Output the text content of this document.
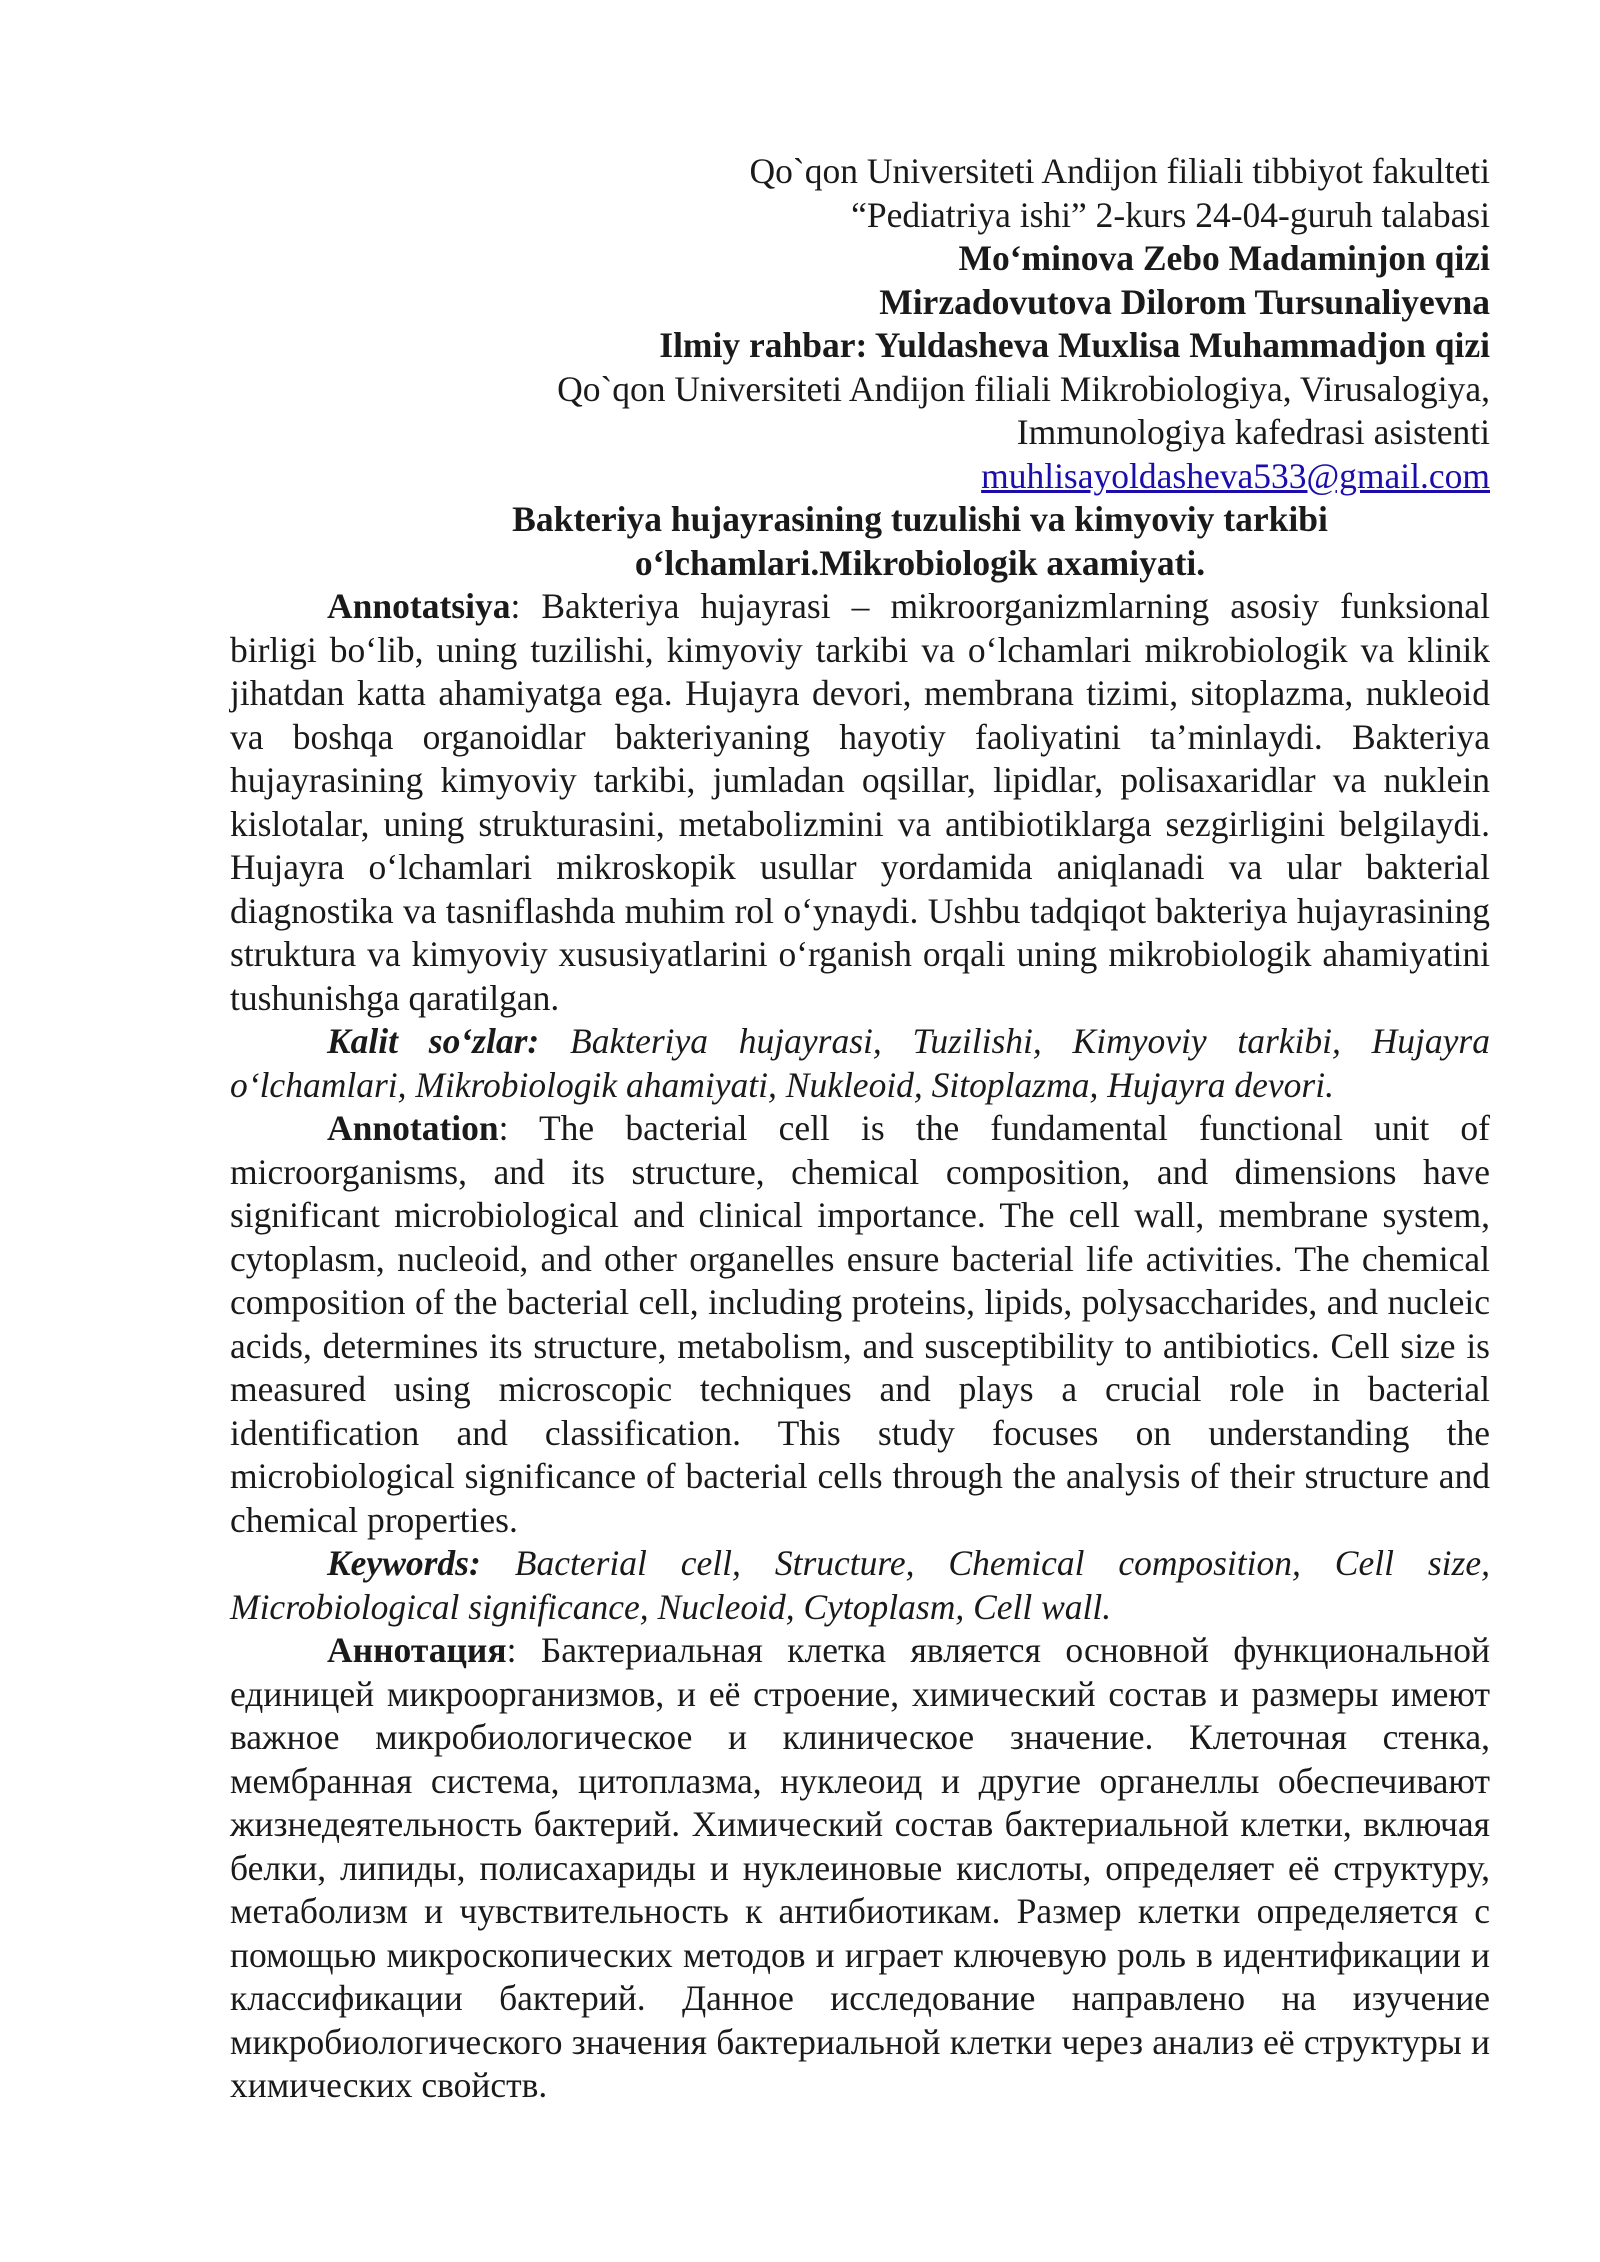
Qo`qon Universiteti Andijon filiali tibbiyot fakulteti
“Pediatriya ishi” 2-kurs 24-04-guruh talabasi
Mo‘minova Zebo Madaminjon qizi
Mirzadovutova Dilorom Tursunaliyevna
Ilmiy rahbar: Yuldasheva Muxlisa Muhammadjon qizi
Qo`qon Universiteti Andijon filiali Mikrobiologiya, Virusalogiya, Immunologiya kafedrasi asistenti
muhlisayoldasheva533@gmail.com
Bakteriya hujayrasining tuzulishi va kimyoviy tarkibi o‘lchamlari.Mikrobiologik axamiyati.

Annotatsiya: Bakteriya hujayrasi – mikroorganizmlarning asosiy funksional birligi bo‘lib, uning tuzilishi, kimyoviy tarkibi va o‘lchamlari mikrobiologik va klinik jihatdan katta ahamiyatga ega. Hujayra devori, membrana tizimi, sitoplazma, nukleoid va boshqa organoidlar bakteriyaning hayotiy faoliyatini ta’minlaydi. Bakteriya hujayrasining kimyoviy tarkibi, jumladan oqsillar, lipidlar, polisaxaridlar va nuklein kislotalar, uning strukturasini, metabolizmini va antibiotiklarga sezgirligini belgilaydi. Hujayra o‘lchamlari mikroskopik usullar yordamida aniqlanadi va ular bakterial diagnostika va tasniflashda muhim rol o‘ynaydi. Ushbu tadqiqot bakteriya hujayrasining struktura va kimyoviy xususiyatlarini o‘rganish orqali uning mikrobiologik ahamiyatini tushunishga qaratilgan.

Kalit so‘zlar: Bakteriya hujayrasi, Tuzilishi, Kimyoviy tarkibi, Hujayra o‘lchamlari, Mikrobiologik ahamiyati, Nukleoid, Sitoplazma, Hujayra devori.

Annotation: The bacterial cell is the fundamental functional unit of microorganisms, and its structure, chemical composition, and dimensions have significant microbiological and clinical importance. The cell wall, membrane system, cytoplasm, nucleoid, and other organelles ensure bacterial life activities. The chemical composition of the bacterial cell, including proteins, lipids, polysaccharides, and nucleic acids, determines its structure, metabolism, and susceptibility to antibiotics. Cell size is measured using microscopic techniques and plays a crucial role in bacterial identification and classification. This study focuses on understanding the microbiological significance of bacterial cells through the analysis of their structure and chemical properties.

Keywords: Bacterial cell, Structure, Chemical composition, Cell size, Microbiological significance, Nucleoid, Cytoplasm, Cell wall.

Аннотация: Бактериальная клетка является основной функциональной единицей микроорганизмов, и её строение, химический состав и размеры имеют важное микробиологическое и клиническое значение. Клеточная стенка, мембранная система, цитоплазма, нуклеоид и другие органеллы обеспечивают жизнедеятельность бактерий. Химический состав бактериальной клетки, включая белки, липиды, полисахариды и нуклеиновые кислоты, определяет её структуру, метаболизм и чувствительность к антибиотикам. Размер клетки определяется с помощью микроскопических методов и играет ключевую роль в идентификации и классификации бактерий. Данное исследование направлено на изучение микробиологического значения бактериальной клетки через анализ её структуры и химических свойств.
